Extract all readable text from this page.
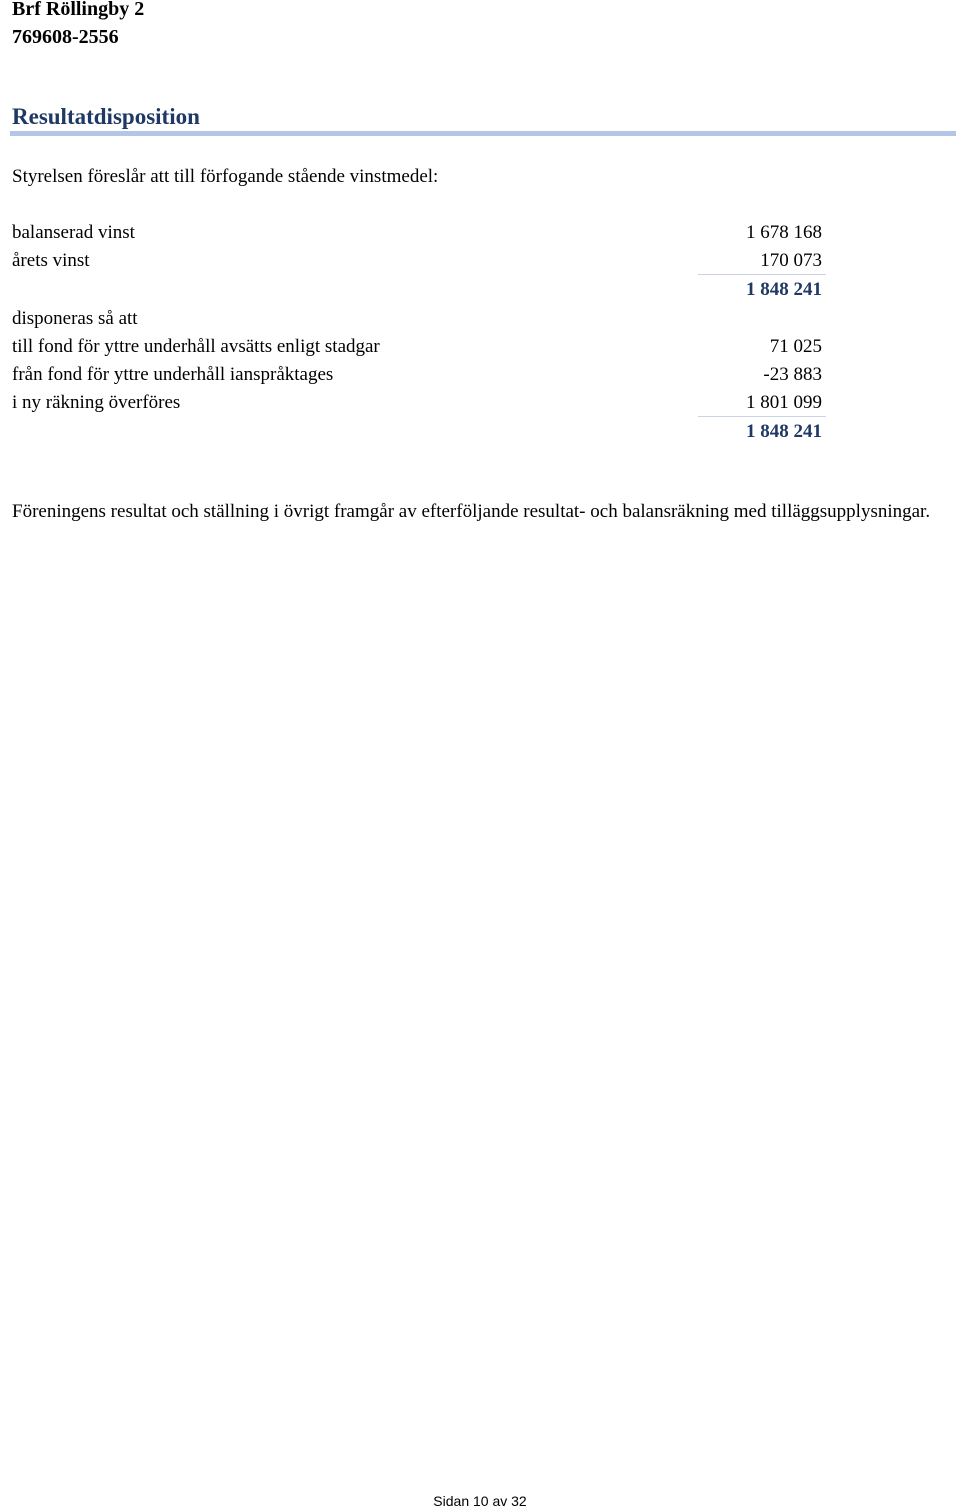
Brf Röllingby 2
769608-2556
Resultatdisposition
Styrelsen föreslår att till förfogande stående vinstmedel:
balanserad vinst	1 678 168
årets vinst	170 073
1 848 241
disponeras så att
till fond för yttre underhåll avsätts enligt stadgar	71 025
från fond för yttre underhåll ianspråktages	-23 883
i ny räkning överföres	1 801 099
1 848 241
Föreningens resultat och ställning i övrigt framgår av efterföljande resultat- och balansräkning med tilläggsupplysningar.
Sidan 10 av 32
